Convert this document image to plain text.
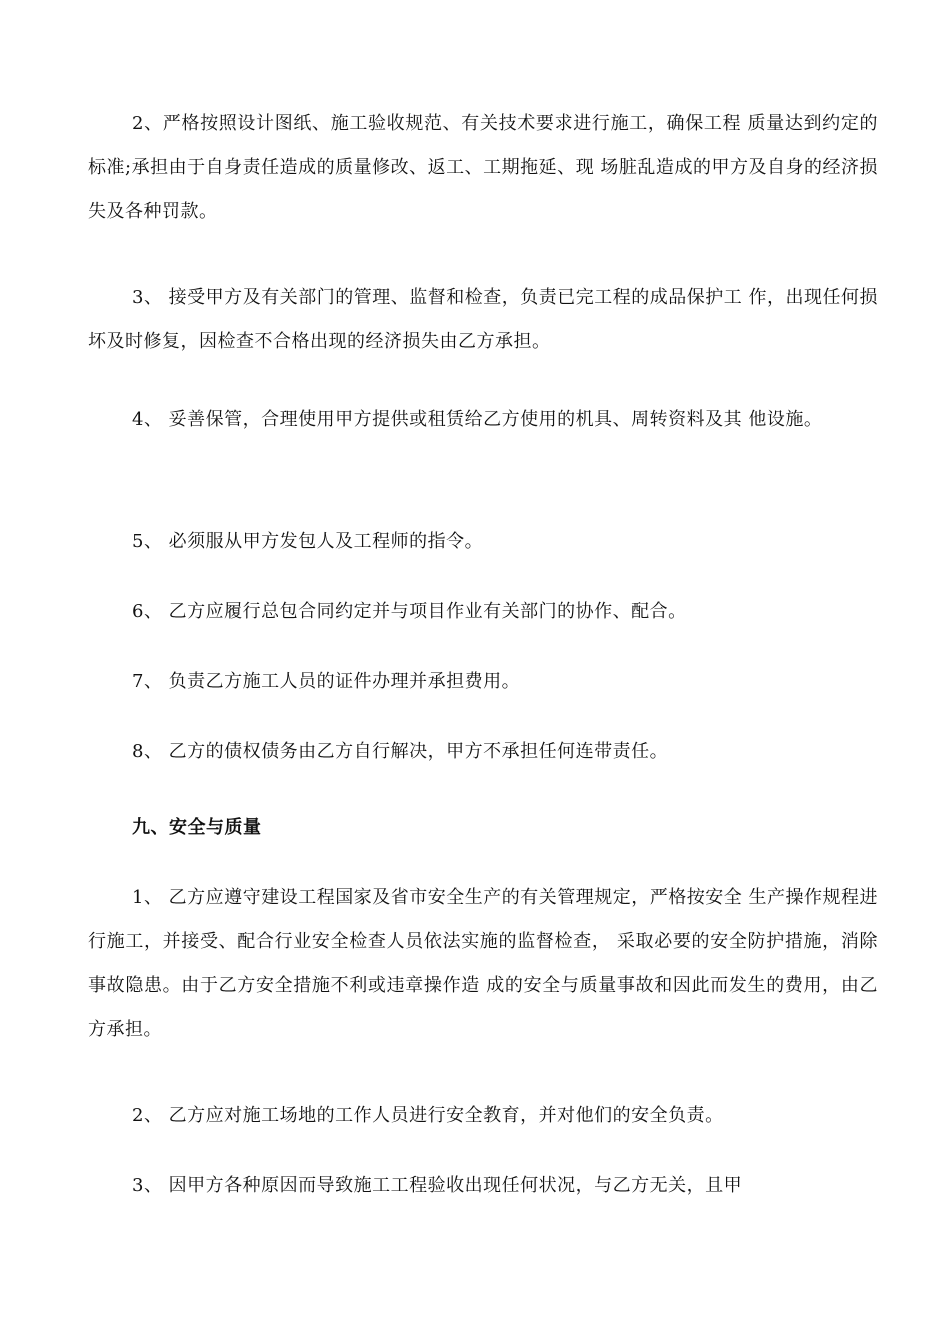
2、严格按照设计图纸、施工验收规范、有关技术要求进行施工，确保工程 质量达到约定的标准;承担由于自身责任造成的质量修改、返工、工期拖延、现 场脏乱造成的甲方及自身的经济损失及各种罚款。

3、 接受甲方及有关部门的管理、监督和检查，负责已完工程的成品保护工 作，出现任何损坏及时修复，因检查不合格出现的经济损失由乙方承担。

4、 妥善保管，合理使用甲方提供或租赁给乙方使用的机具、周转资料及其 他设施。

5、 必须服从甲方发包人及工程师的指令。

6、 乙方应履行总包合同约定并与项目作业有关部门的协作、配合。

7、 负责乙方施工人员的证件办理并承担费用。

8、 乙方的债权债务由乙方自行解决，甲方不承担任何连带责任。

九、安全与质量

1、 乙方应遵守建设工程国家及省市安全生产的有关管理规定，严格按安全 生产操作规程进行施工，并接受、配合行业安全检查人员依法实施的监督检查， 采取必要的安全防护措施，消除事故隐患。由于乙方安全措施不利或违章操作造 成的安全与质量事故和因此而发生的费用，由乙方承担。

2、 乙方应对施工场地的工作人员进行安全教育，并对他们的安全负责。

3、 因甲方各种原因而导致施工工程验收出现任何状况，与乙方无关，且甲
